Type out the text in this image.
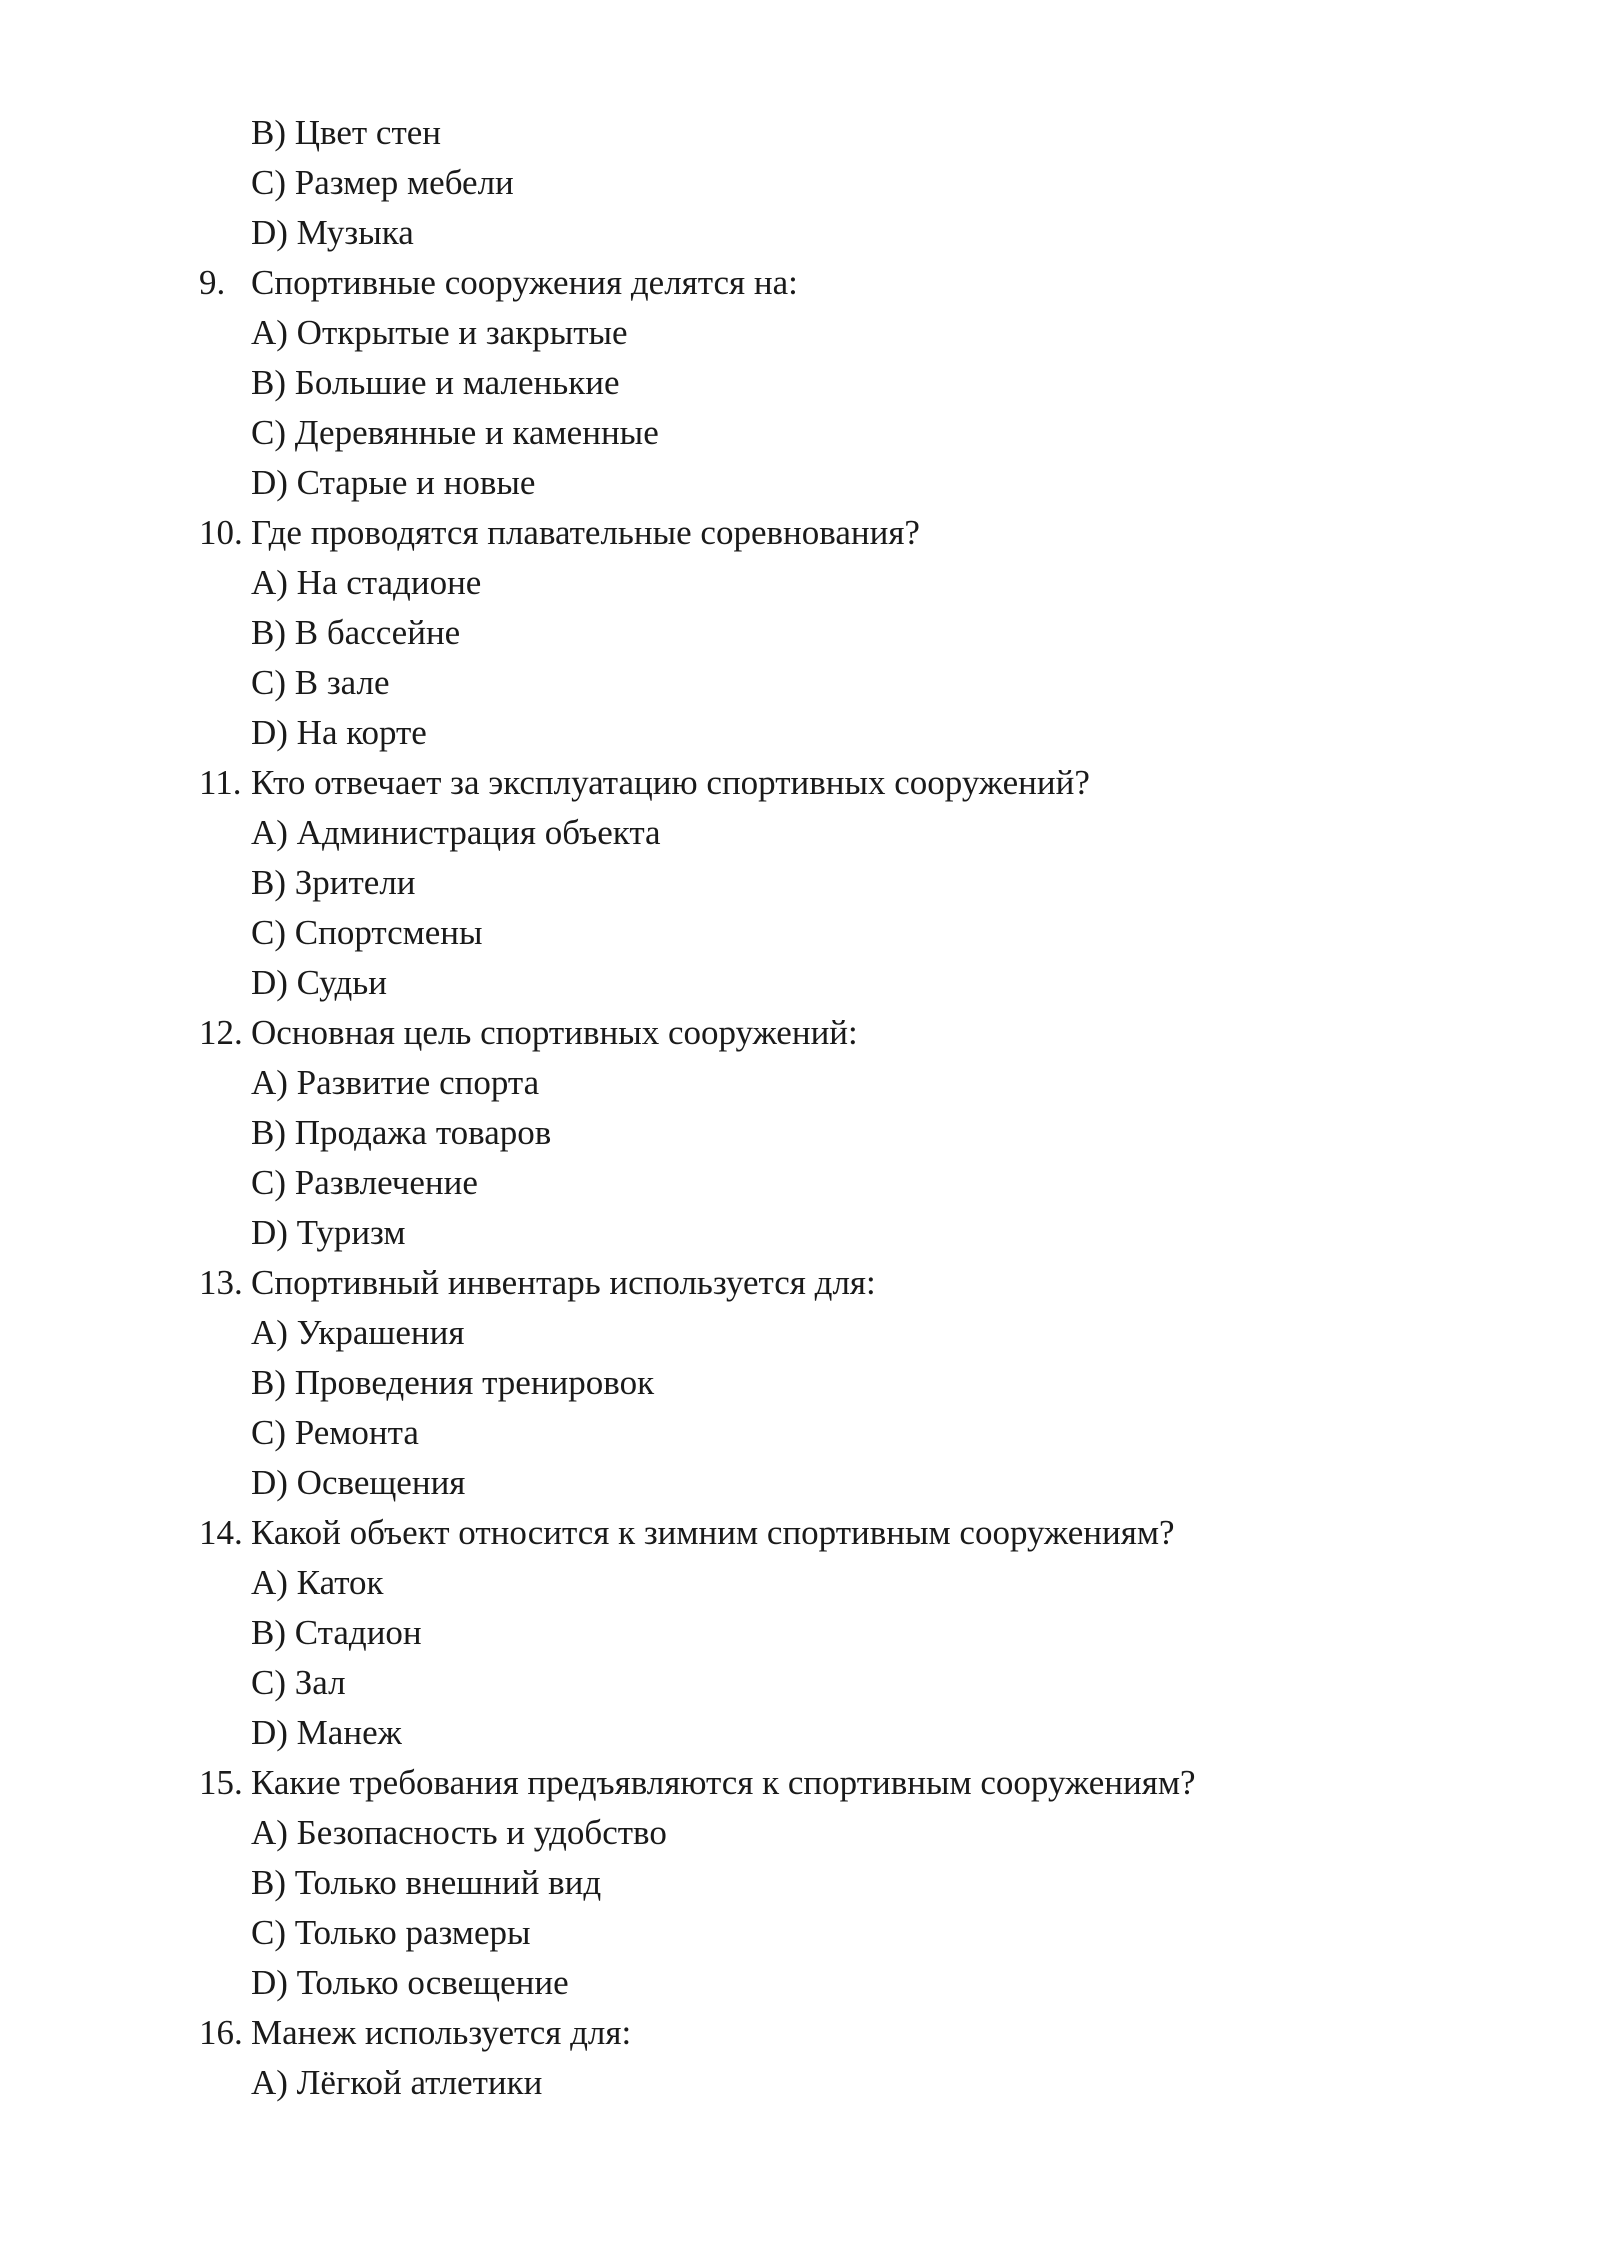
B) Цвет стен
C) Размер мебели
D) Музыка
9. Спортивные сооружения делятся на:
A) Открытые и закрытые
B) Большие и маленькие
C) Деревянные и каменные
D) Старые и новые
10. Где проводятся плавательные соревнования?
A) На стадионе
B) В бассейне
C) В зале
D) На корте
11. Кто отвечает за эксплуатацию спортивных сооружений?
A) Администрация объекта
B) Зрители
C) Спортсмены
D) Судьи
12. Основная цель спортивных сооружений:
A) Развитие спорта
B) Продажа товаров
C) Развлечение
D) Туризм
13. Спортивный инвентарь используется для:
A) Украшения
B) Проведения тренировок
C) Ремонта
D) Освещения
14. Какой объект относится к зимним спортивным сооружениям?
A) Каток
B) Стадион
C) Зал
D) Манеж
15. Какие требования предъявляются к спортивным сооружениям?
A) Безопасность и удобство
B) Только внешний вид
C) Только размеры
D) Только освещение
16. Манеж используется для:
A) Лёгкой атлетики
